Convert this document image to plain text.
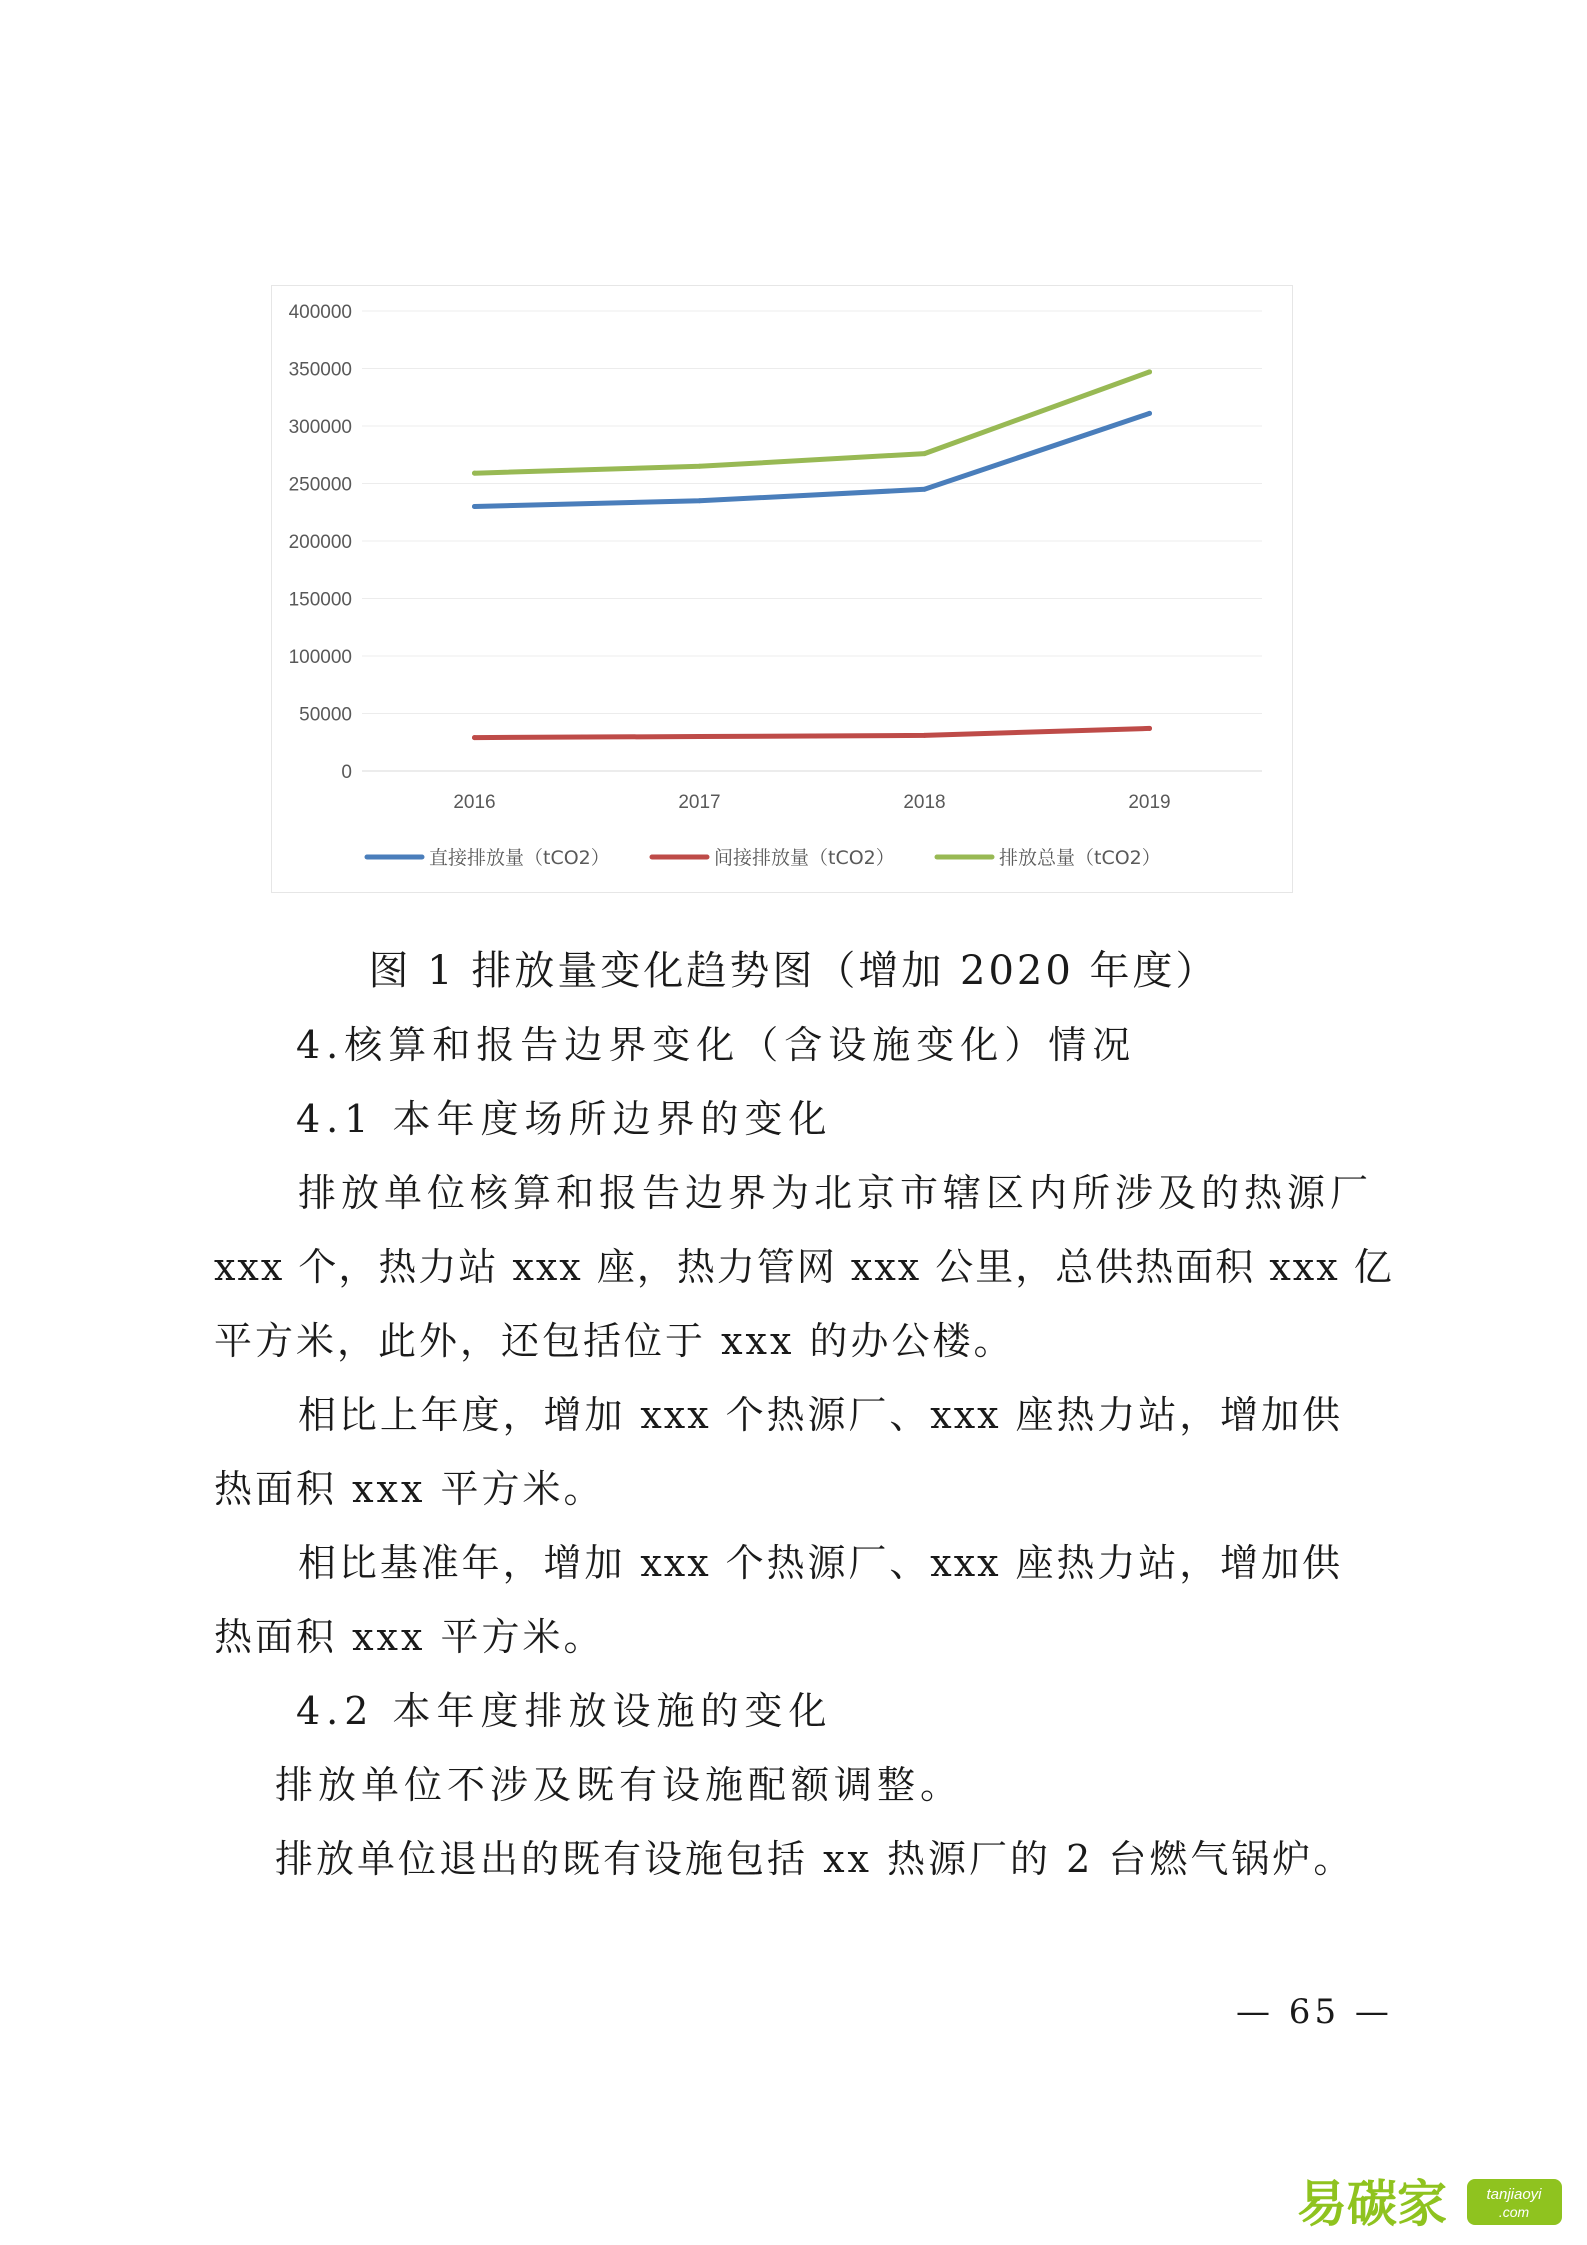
0
50000
100000
150000
200000
250000
300000
350000
400000
2016	2017	2018	2019
直接排放量（tCO2）	间接排放量（tCO2）	排放总量（tCO2）
图 1 排放量变化趋势图（增加 2020 年度）
4.核算和报告边界变化（含设施变化）情况
4.1 本年度场所边界的变化
排放单位核算和报告边界为北京市辖区内所涉及的热源厂
xxx 个，热力站 xxx 座，热力管网 xxx 公里，总供热面积 xxx 亿
平方米，此外，还包括位于 xxx 的办公楼。
相比上年度，增加 xxx 个热源厂、xxx 座热力站，增加供
热面积 xxx 平方米。
相比基准年，增加 xxx 个热源厂、xxx 座热力站，增加供
热面积 xxx 平方米。
4.2 本年度排放设施的变化
排放单位不涉及既有设施配额调整。
排放单位退出的既有设施包括 xx 热源厂的 2 台燃气锅炉。
— 65 —
易碳家	tanjiaoyi
.com
